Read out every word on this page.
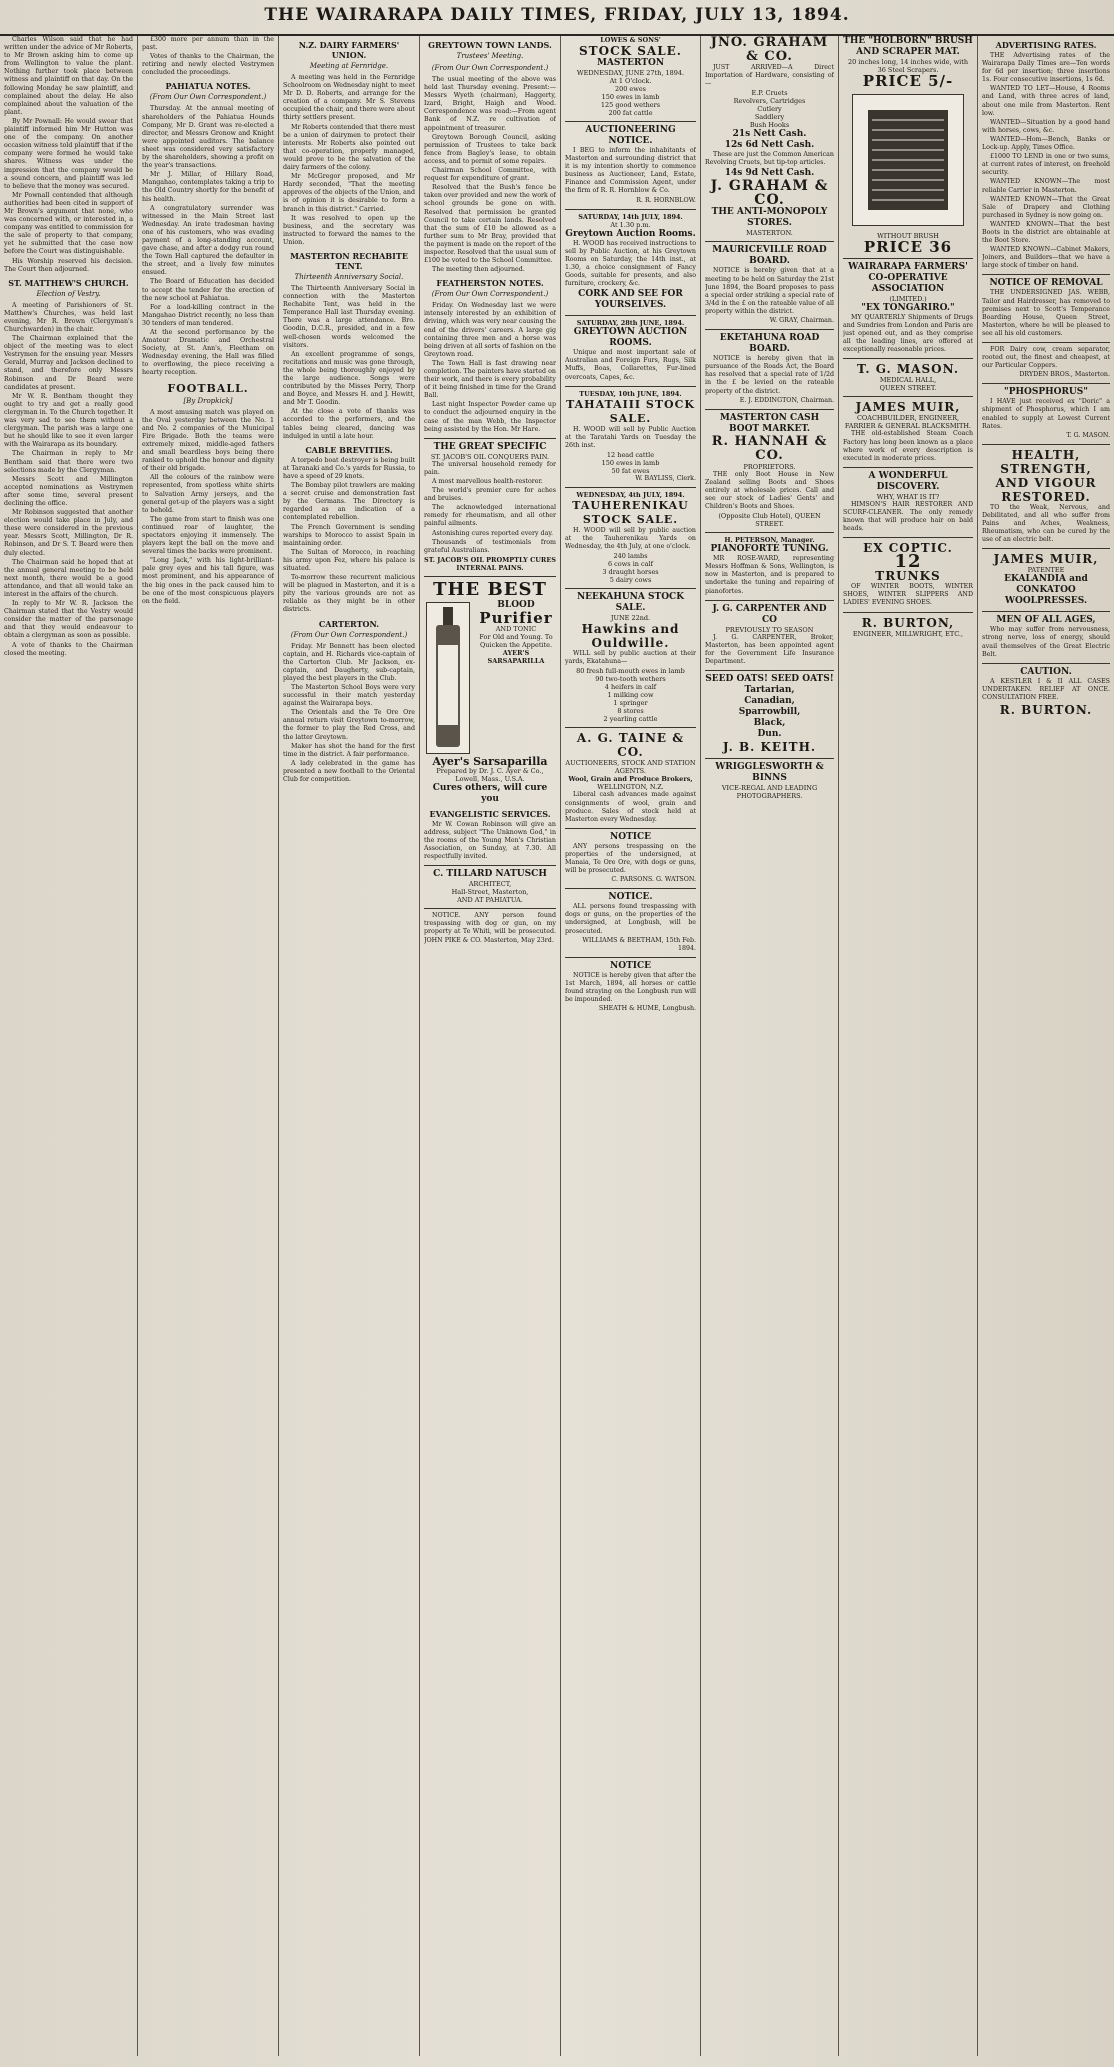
THE WAIRARAPA DAILY TIMES, FRIDAY, JULY 13, 1894.

Charles Wilson said that he had written under the advice of Mr Roberts, to Mr Brown asking him to come up from Wellington to value the plant. Nothing further took place between witness and plaintiff on that day. On the following Monday he saw plaintiff, and complained about the delay. He also complained about the valuation of the plant.

By Mr Pownall: He would swear that plaintiff informed him Mr Hutton was one of the company. On another occasion witness told plaintiff that if the company were formed he would take shares. Witness was under the impression that the company would be a sound concern, and plaintiff was led to believe that the money was secured.

Mr Pownall contended that although authorities had been cited in support of Mr Brown's argument that none, who was concerned with, or interested in, a company was entitled to commission for the sale of property to that company, yet he submitted that the case now before the Court was distinguishable.

His Worship reserved his decision. The Court then adjourned.

ST. MATTHEW'S CHURCH.
Election of Vestry.

A meeting of Parishioners of St. Matthew's Churches, was held last evening, Mr R. Brown (Clergyman's Churchwarden) in the chair.

The Chairman explained that the object of the meeting was to elect Vestrymen for the ensuing year. Messrs Gerald, Murray and Jackson declined to stand, and therefore only Messrs Robinson and Dr Beard were candidates at present.

Mr W. R. Bentham thought they ought to try and get a really good clergyman in. To the Church together. It was very sad to see them without a clergyman. The parish was a large one but he should like to see it even larger with the Wairarapa as its boundary.

The Chairman in reply to Mr Bentham said that there were two selections made by the Clergyman.

Messrs Scott and Millington accepted nominations as Vestrymen after some time, several present declining the office.

Mr Robinson suggested that another election would take place in July, and these were considered in the previous year. Messrs Scott, Millington, Dr R. Robinson, and Dr S. T. Beard were then duly elected.

The Chairman said he hoped that at the annual general meeting to be held next month, there would be a good attendance, and that all would take an interest in the affairs of the church.

In reply to Mr W. R. Jackson the Chairman stated that the Vestry would consider the matter of the parsonage and that they would endeavour to obtain a clergyman as soon as possible.

A vote of thanks to the Chairman closed the meeting.

£300 more per annum than in the past.

Votes of thanks to the Chairman, the retiring and newly elected Vestrymen concluded the proceedings.

PAHIATUA NOTES.
(From Our Own Correspondent.)

Thursday. At the annual meeting of shareholders of the Pahiatua Hounds Company, Mr D. Grant was re-elected a director, and Messrs Gronow and Knight were appointed auditors. The balance sheet was considered very satisfactory by the shareholders, showing a profit on the year's transactions.

Mr J. Millar, of Hillary Road, Mangahao, contemplates taking a trip to the Old Country shortly for the benefit of his health.

A congratulatory surrender was witnessed in the Main Street last Wednesday. An irate tradesman having one of his customers, who was evading payment of a long-standing account, gave chase, and after a dodgy run round the Town Hall captured the defaulter in the street, and a lively few minutes ensued.

The Board of Education has decided to accept the tender for the erection of the new school at Pahiatua.

For a load-killing contract in the Mangahao District recently, no less than 30 tenders of man tendered.

At the second performance by the Amateur Dramatic and Orchestral Society, at St. Ann's, Fleetham on Wednesday evening, the Hall was filled to overflowing, the piece receiving a hearty reception.

FOOTBALL.
[By Dropkick]

A most amusing match was played on the Oval yesterday between the No. 1 and No. 2 companies of the Municipal Fire Brigade. Both the teams were extremely mixed, middle-aged fathers and small beardless boys being there ranked to uphold the honour and dignity of their old brigade.

All the colours of the rainbow were represented, from spotless white shirts to Salvation Army jerseys, and the general get-up of the players was a sight to behold.

The game from start to finish was one continued roar of laughter, the spectators enjoying it immensely. The players kept the ball on the move and several times the backs were prominent.

"Long Jack," with his light-brilliant-pale grey eyes and his tall figure, was most prominent, and his appearance of the big ones in the pack caused him to be one of the most conspicuous players on the field.

N.Z. DAIRY FARMERS' UNION.
Meeting at Fernridge.

A meeting was held in the Fernridge Schoolroom on Wednesday night to meet Mr D. D. Roberts, and arrange for the creation of a company. Mr S. Stevens occupied the chair, and there were about thirty settlers present.

Mr Roberts contended that there must be a union of dairymen to protect their interests. Mr Roberts also pointed out that co-operation, properly managed, would prove to be the salvation of the dairy farmers of the colony.

Mr McGregor proposed, and Mr Hardy seconded, "That the meeting approves of the objects of the Union, and is of opinion it is desirable to form a branch in this district." Carried.

It was resolved to open up the business, and the secretary was instructed to forward the names to the Union.

MASTERTON RECHABITE TENT.
Thirteenth Anniversary Social.

The Thirteenth Anniversary Social in connection with the Masterton Rechabite Tent, was held in the Temperance Hall last Thursday evening. There was a large attendance. Bro. Goodin, D.C.R., presided, and in a few well-chosen words welcomed the visitors.

An excellent programme of songs, recitations and music was gone through, the whole being thoroughly enjoyed by the large audience. Songs were contributed by the Misses Perry, Thorp and Boyce, and Messrs H. and J. Hewitt, and Mr T. Goodin.

At the close a vote of thanks was accorded to the performers, and the tables being cleared, dancing was indulged in until a late hour.

CABLE BREVITIES.

A torpedo boat destroyer is being built at Taranaki and Co.'s yards for Russia, to have a speed of 29 knots.

The Bombay pilot trawlers are making a secret cruise and demonstration fast by the Germans. The Directory is regarded as an indication of a contemplated rebellion.

The French Government is sending warships to Morocco to assist Spain in maintaining order.

The Sultan of Morocco, in reaching his army upon Fez, where his palace is situated.

To-morrow these recurrent malicious will be plagued in Masterton, and it is a pity the various grounds are not as reliable as they might be in other districts.

CARTERTON.
(From Our Own Correspondent.)

Friday. Mr Bennett has been elected captain, and H. Richards vice-captain of the Carterton Club. Mr Jackson, ex-captain, and Daugherty, sub-captain, played the best players in the Club.

The Masterton School Boys were very successful in their match yesterday against the Wairarapa boys.

The Orientals and the Te Ore Ore annual return visit Greytown to-morrow, the former to play the Red Cross, and the latter Greytown.

Maker has shot the hand for the first time in the district. A fair performance.

A lady celebrated in the game has presented a new football to the Oriental Club for competition.

GREYTOWN TOWN LANDS.
Trustees' Meeting.
(From Our Own Correspondent.)

The usual meeting of the above was held last Thursday evening. Present:—Messrs Wyeth (chairman), Haggerty, Izard, Bright, Haigh and Wood. Correspondence was read:—From agent Bank of N.Z. re cultivation of appointment of treasurer.

Greytown Borough Council, asking permission of Trustees to take back fence from Bagley's lease, to obtain access, and to permit of some repairs.

Chairman School Committee, with request for expenditure of grant.

Resolved that the Bush's fence be taken over provided and new the work of school grounds be gone on with. Resolved that permission be granted Council to take certain lands. Resolved that the sum of £10 be allowed as a further sum to Mr Bray, provided that the payment is made on the report of the inspector. Resolved that the usual sum of £100 be voted to the School Committee.

The meeting then adjourned.

FEATHERSTON NOTES.
(From Our Own Correspondent.)

Friday. On Wednesday last we were intensely interested by an exhibition of driving, which was very near causing the end of the drivers' careers. A large gig containing three men and a horse was being driven at all sorts of fashion on the Greytown road.

The Town Hall is fast drawing near completion. The painters have started on their work, and there is every probability of it being finished in time for the Grand Ball.

Last night Inspector Powder came up to conduct the adjourned enquiry in the case of the man Webb, the Inspector being assisted by the Hon. Mr Hare.

THE GREAT SPECIFIC
ST. JACOB'S OIL CONQUERS PAIN.

The universal household remedy for pain.

A most marvellous health-restorer.

The world's premier cure for aches and bruises.

The acknowledged international remedy for rheumatism, and all other painful ailments.

Astonishing cures reported every day.

Thousands of testimonials from grateful Australians.

ST. JACOB'S OIL PROMPTLY CURES INTERNAL PAINS.
THE BEST
BLOOD
Purifier
AND TONIC
For Old and Young. To Quicken the Appetite.
AYER'S SARSAPARILLA
Ayer's Sarsaparilla
Prepared by Dr. J. C. Ayer & Co., Lowell, Mass., U.S.A.
Cures others, will cure you
EVANGELISTIC SERVICES.

Mr W. Cowan Robinson will give an address, subject "The Unknown God," in the rooms of the Young Men's Christian Association, on Sunday, at 7.30. All respectfully invited.

C. TILLARD NATUSCH
ARCHITECT,
Hall-Street, Masterton,
AND AT PAHIATUA.

NOTICE. ANY person found trespassing with dog or gun, on my property at Te Whiti, will be prosecuted. JOHN PIKE & CO. Masterton, May 23rd.

LOWES & SONS'
STOCK SALE.
MASTERTON
WEDNESDAY, JUNE 27th, 1894.
At 1 O'clock.
200 ewes
150 ewes in lamb
125 good wethers
200 fat cattle
AUCTIONEERING NOTICE.

I BEG to inform the inhabitants of Masterton and surrounding district that it is my intention shortly to commence business as Auctioneer, Land, Estate, Finance and Commission Agent, under the firm of R. R. Hornblow & Co.

R. R. HORNBLOW.
SATURDAY, 14th JULY, 1894.
At 1.30 p.m.
Greytown Auction Rooms.

H. WOOD has received instructions to sell by Public Auction, at his Greytown Rooms on Saturday, the 14th inst., at 1.30, a choice consignment of Fancy Goods, suitable for presents, and also furniture, crockery, &c.

CORK AND SEE FOR YOURSELVES.
SATURDAY, 28th JUNE, 1894.
GREYTOWN AUCTION ROOMS.

Unique and most important sale of Australian and Foreign Furs, Rugs, Silk Muffs, Boas, Collarettes, Fur-lined overcoats, Capes, &c.

TUESDAY, 10th JUNE, 1894.
TAHATAIII STOCK SALE.

H. WOOD will sell by Public Auction at the Taratahi Yards on Tuesday the 26th inst.

12 head cattle
150 ewes in lamb
50 fat ewes
W. BAYLISS, Clerk.
WEDNESDAY, 4th JULY, 1894.
TAUHERENIKAU STOCK SALE.

H. WOOD will sell by public auction at the Tauherenikau Yards on Wednesday, the 4th July, at one o'clock.

240 lambs
6 cows in calf
3 draught horses
5 dairy cows
NEEKAHUNA STOCK SALE.
JUNE 22nd.
Hawkins and Ouldwille.

WILL sell by public auction at their yards, Ekatahuna—

80 fresh full-mouth ewes in lamb
90 two-tooth wethers
4 heifers in calf
1 milking cow
1 springer
8 stores
2 yearling cattle
A. G. TAINE & CO.
AUCTIONEERS, STOCK AND STATION AGENTS.
Wool, Grain and Produce Brokers,
WELLINGTON, N.Z.

Liberal cash advances made against consignments of wool, grain and produce. Sales of stock held at Masterton every Wednesday.

NOTICE

ANY persons trespassing on the properties of the undersigned, at Manaia, Te Ore Ore, with dogs or guns, will be prosecuted.

C. PARSONS. G. WATSON.
NOTICE.

ALL persons found trespassing with dogs or guns, on the properties of the undersigned, at Longbush, will be prosecuted.

WILLIAMS & BEETHAM, 15th Feb. 1894.
NOTICE

NOTICE is hereby given that after the 1st March, 1894, all horses or cattle found straying on the Longbush run will be impounded.

SHEATH & HUME, Longbush.
JNO. GRAHAM & CO.

JUST ARRIVED—A Direct Importation of Hardware, consisting of—

E.P. Cruets
Revolvers, Cartridges
Cutlery
Saddlery
Bush Hooks
21s Nett Cash.
12s 6d Nett Cash.

These are just the Common American Revolving Cruets, but tip-top articles.

14s 9d Nett Cash.
J. GRAHAM & CO.
THE ANTI-MONOPOLY STORES.
MASTERTON.
MAURICEVILLE ROAD BOARD.

NOTICE is hereby given that at a meeting to be held on Saturday the 21st June 1894, the Board proposes to pass a special order striking a special rate of 3/4d in the £ on the rateable value of all property within the district.

W. GRAY, Chairman.
EKETAHUNA ROAD BOARD.

NOTICE is hereby given that in pursuance of the Roads Act, the Board has resolved that a special rate of 1/2d in the £ be levied on the rateable property of the district.

E. J. EDDINGTON, Chairman.
MASTERTON CASH BOOT MARKET.
R. HANNAH & CO.
PROPRIETORS.

THE only Boot House in New Zealand selling Boots and Shoes entirely at wholesale prices. Call and see our stock of Ladies' Gents' and Children's Boots and Shoes.

(Opposite Club Hotel), QUEEN STREET.
H. PETERSON, Manager.
PIANOFORTE TUNING.

MR ROSE-WARD, representing Messrs Hoffman & Sons, Wellington, is now in Masterton, and is prepared to undertake the tuning and repairing of pianofortes.

J. G. CARPENTER AND CO
PREVIOUSLY TO SEASON

J. G. CARPENTER, Broker, Masterton, has been appointed agent for the Government Life Insurance Department.

SEED OATS! SEED OATS!
Tartarian,
Canadian,
Sparrowbill,
Black,
Dun.
J. B. KEITH.
WRIGGLESWORTH & BINNS
VICE-REGAL AND LEADING PHOTOGRAPHERS.
THE "HOLBORN" BRUSH AND SCRAPER MAT.
20 inches long, 14 inches wide, with 36 Steel Scrapers.
PRICE 5/-
WITHOUT BRUSH
PRICE 36
WAIRARAPA FARMERS' CO-OPERATIVE ASSOCIATION
(LIMITED.)
"EX TONGARIRO."

MY QUARTERLY Shipments of Drugs and Sundries from London and Paris are just opened out, and as they comprise all the leading lines, are offered at exceptionally reasonable prices.

T. G. MASON.
MEDICAL HALL,
QUEEN STREET.
JAMES MUIR,
COACHBUILDER, ENGINEER, FARRIER & GENERAL BLACKSMITH.

THE old-established Steam Coach Factory has long been known as a place where work of every description is executed in moderate prices.

A WONDERFUL DISCOVERY.
WHY, WHAT IS IT?

HIMSON'S HAIR RESTORER AND SCURF-CLEANER. The only remedy known that will produce hair on bald heads.

EX COPTIC.
12
TRUNKS

OF WINTER BOOTS, WINTER SHOES, WINTER SLIPPERS AND LADIES' EVENING SHOES.

R. BURTON,
ENGINEER, MILLWRIGHT, ETC.,
ADVERTISING RATES.

THE Advertising rates of the Wairarapa Daily Times are—Ten words for 6d per insertion; three insertions 1s. Four consecutive insertions, 1s 6d.

WANTED TO LET—House, 4 Rooms and Land, with three acres of land, about one mile from Masterton. Rent low.

WANTED—Situation by a good hand with horses, cows, &c.

WANTED—Hom—Bench, Banks or Lock-up. Apply, Times Office.

£1000 TO LEND in one or two sums, at current rates of interest, on freehold security.

WANTED KNOWN—The most reliable Carrier in Masterton.

WANTED KNOWN—That the Great Sale of Drapery and Clothing purchased in Sydney is now going on.

WANTED KNOWN—That the best Boots in the district are obtainable at the Boot Store.

WANTED KNOWN—Cabinet Makers, Joiners, and Builders—that we have a large stock of timber on hand.

NOTICE OF REMOVAL

THE UNDERSIGNED JAS. WEBB, Tailor and Hairdresser, has removed to premises next to Scott's Temperance Boarding House, Queen Street, Masterton, where he will be pleased to see all his old customers.

FOR Dairy cow, cream separator, rooted out, the finest and cheapest, at our Particular Coppers.

DRYDEN BROS., Masterton.
"PHOSPHORUS"

I HAVE just received ex "Doric" a shipment of Phosphorus, which I am enabled to supply at Lowest Current Rates.

T. G. MASON.
HEALTH, STRENGTH, AND VIGOUR RESTORED.

TO the Weak, Nervous, and Debilitated, and all who suffer from Pains and Aches, Weakness, Rheumatism, who can be cured by the use of an electric belt.

JAMES MUIR,
PATENTEE
EKALANDIA and CONKATOO WOOLPRESSES.
MEN OF ALL AGES,

Who may suffer from nervousness, strong nerve, loss of energy, should avail themselves of the Great Electric Belt.

CAUTION.

A KESTLER I & II ALL CASES UNDERTAKEN. RELIEF AT ONCE. CONSULTATION FREE.

R. BURTON.
